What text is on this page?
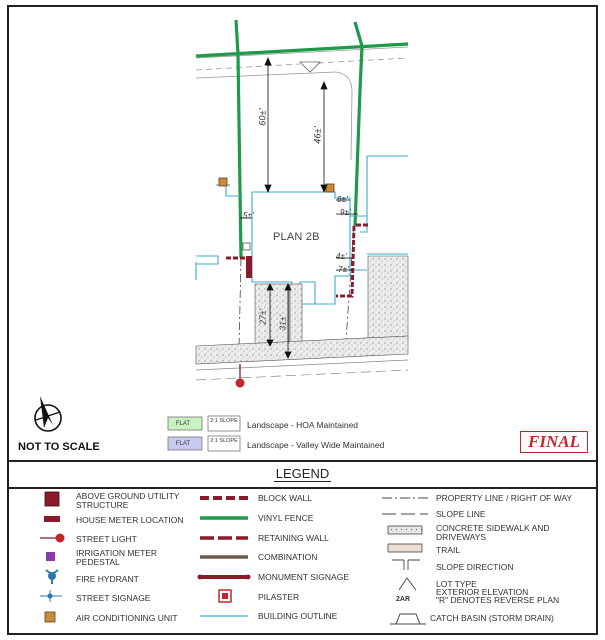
PLAN 2B
60±'
46±'
5±'
6±'
9±'
4±'
7±'
27±' 31±'
FLAT
FLAT
2:1 SLOPE
2:1 SLOPE
Landscape - HOA Maintained
Landscape - Valley Wide Maintained
NOT TO SCALE	FINAL
LEGEND
ABOVE GROUND UTILITY STRUCTURE
HOUSE METER LOCATION
STREET LIGHT
IRRIGATION METER PEDESTAL
FIRE HYDRANT
STREET SIGNAGE
AIR CONDITIONING UNIT
BLOCK WALL
VINYL FENCE
RETAINING WALL
COMBINATION
MONUMENT SIGNAGE
PILASTER
BUILDING OUTLINE
PROPERTY LINE / RIGHT OF WAY
SLOPE LINE
CONCRETE SIDEWALK AND DRIVEWAYS
TRAIL
SLOPE DIRECTION
LOT TYPE
EXTERIOR ELEVATION
"R" DENOTES REVERSE PLAN
CATCH BASIN (STORM DRAIN)
2AR
